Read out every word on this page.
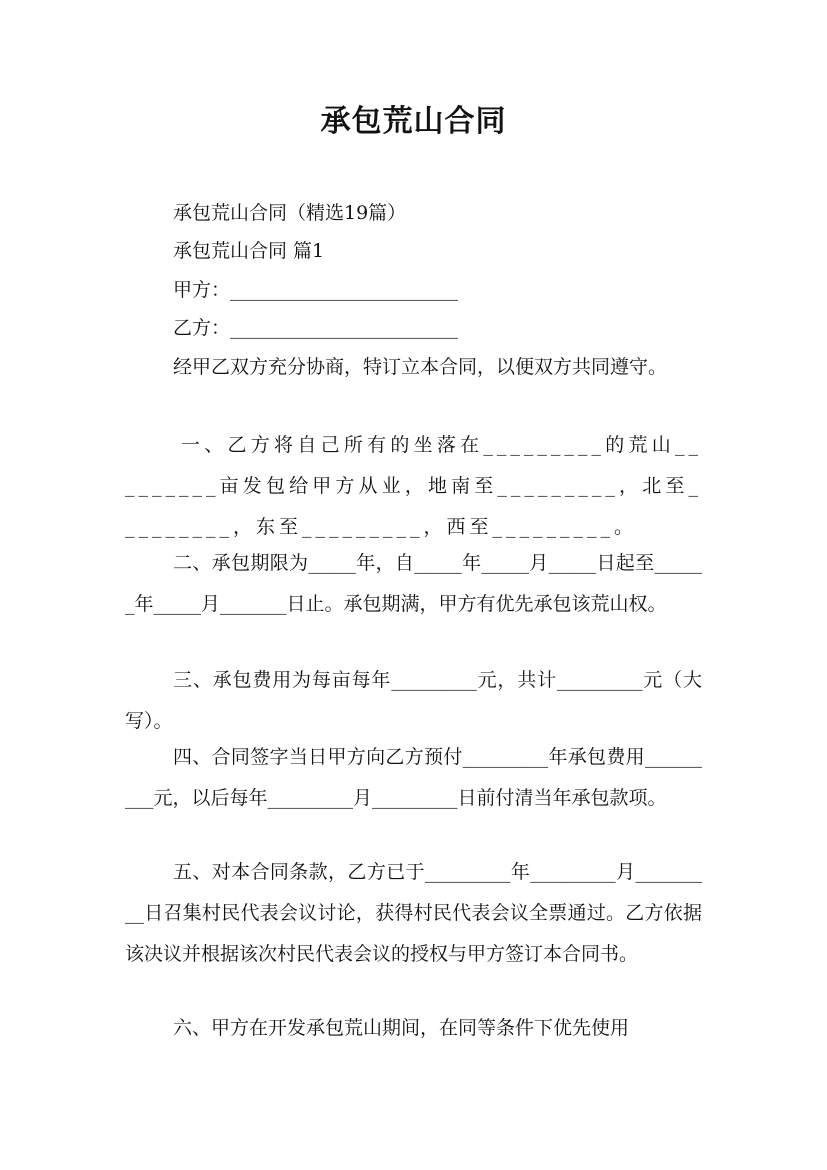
承包荒山合同

承包荒山合同（精选19篇）

承包荒山合同 篇1

甲方：________________________

乙方：________________________

经甲乙双方充分协商，特订立本合同，以便双方共同遵守。

一、乙方将自己所有的坐落在_________的荒山_________亩发包给甲方从业，地南至_________，北至_________，东至_________，西至_________。

二、承包期限为_____年，自_____年_____月_____日起至______年_____月_______日止。承包期满，甲方有优先承包该荒山权。

三、承包费用为每亩每年_________元，共计_________元（大写）。

四、合同签字当日甲方向乙方预付_________年承包费用_________元，以后每年_________月_________日前付清当年承包款项。

五、对本合同条款，乙方已于_________年_________月_________日召集村民代表会议讨论，获得村民代表会议全票通过。乙方依据该决议并根据该次村民代表会议的授权与甲方签订本合同书。

六、甲方在开发承包荒山期间，在同等条件下优先使用
